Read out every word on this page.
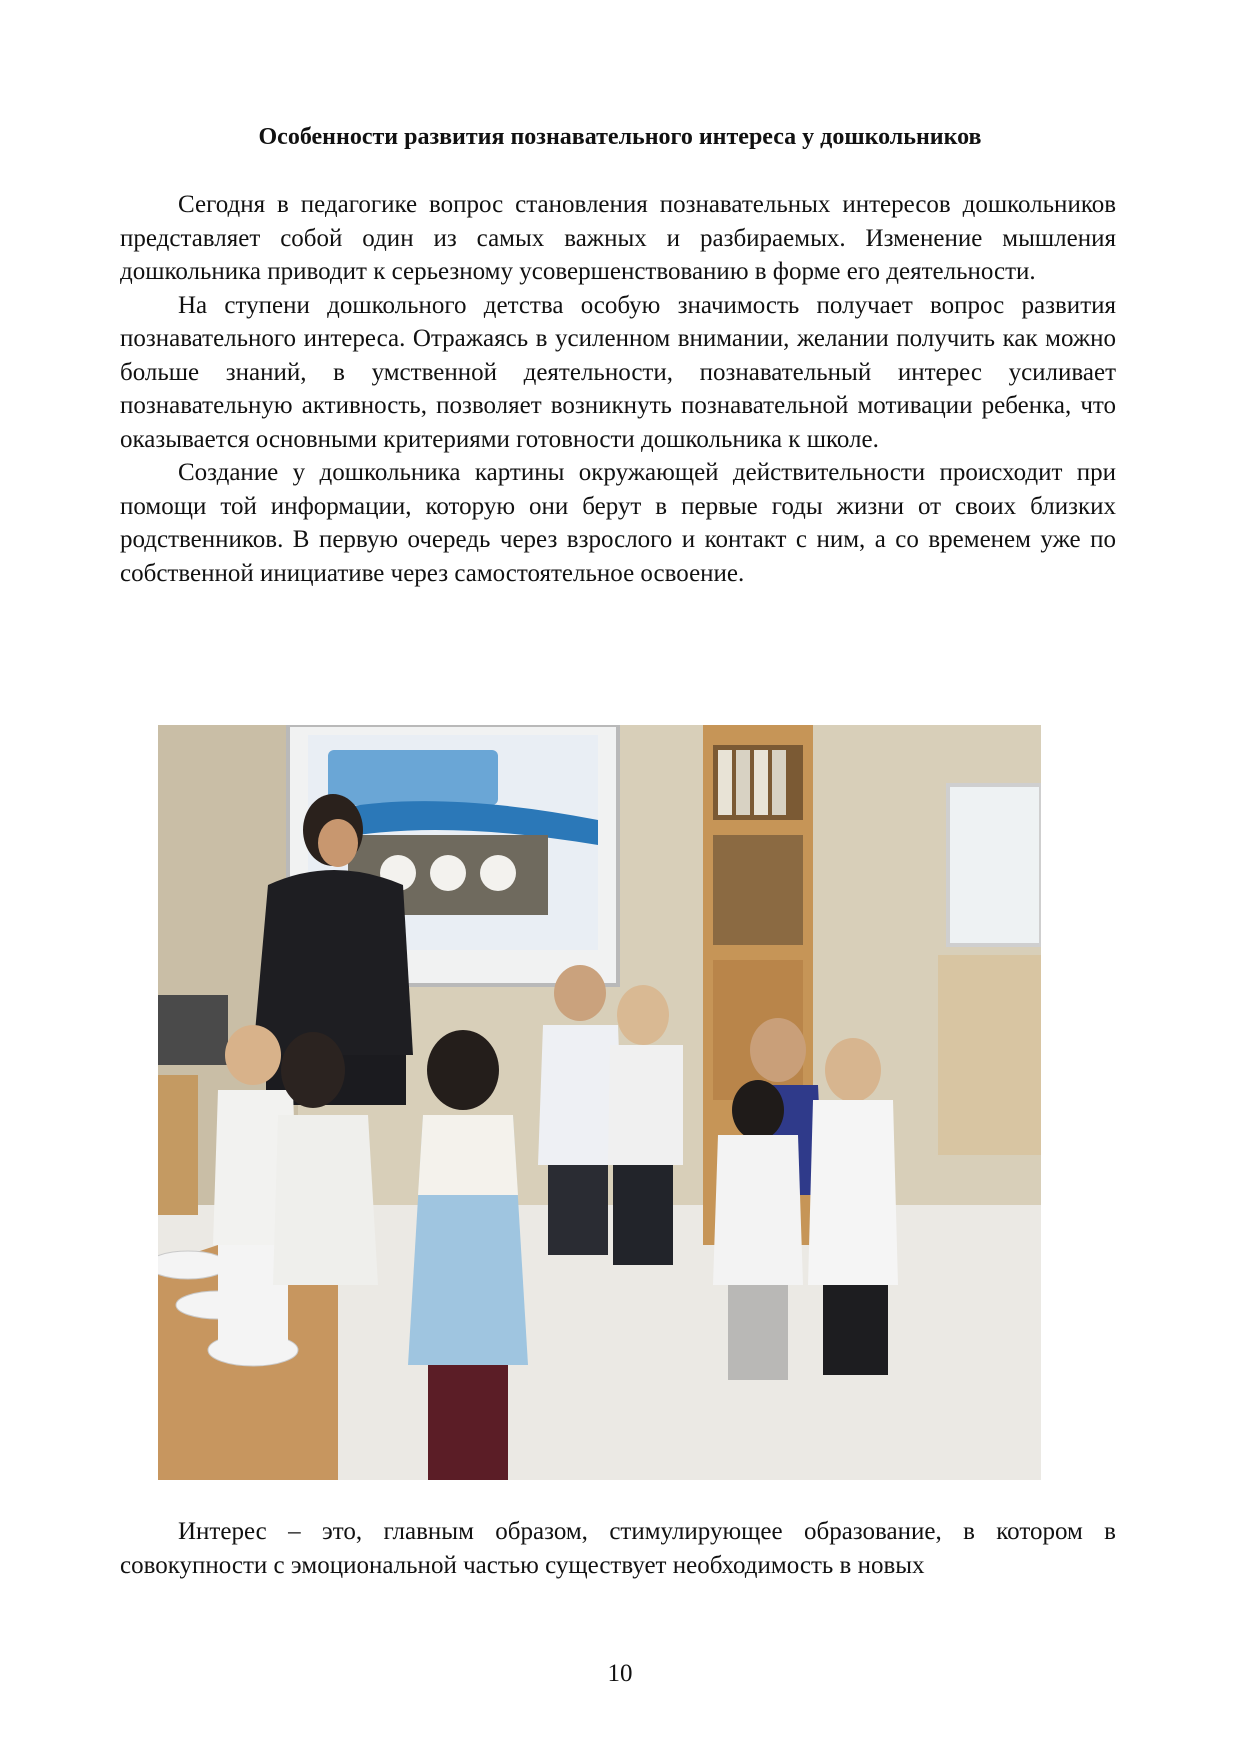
Особенности развития познавательного интереса у дошкольников

Сегодня в педагогике вопрос становления познавательных интересов дошкольников представляет собой один из самых важных и разбираемых. Изменение мышления дошкольника приводит к серьезному усовершенствованию в форме его деятельности.

На ступени дошкольного детства особую значимость получает вопрос развития познавательного интереса. Отражаясь в усиленном внимании, желании получить как можно больше знаний, в умственной деятельности, познавательный интерес усиливает познавательную активность, позволяет возникнуть познавательной мотивации ребенка, что оказывается основными критериями готовности дошкольника к школе.

Создание у дошкольника картины окружающей действительности происходит при помощи той информации, которую они берут в первые годы жизни от своих близких родственников. В первую очередь через взрослого и контакт с ним, а со временем уже по собственной инициативе через самостоятельное освоение.

Интерес – это, главным образом, стимулирующее образование, в котором в совокупности с эмоциональной частью существует необходимость в новых

10
